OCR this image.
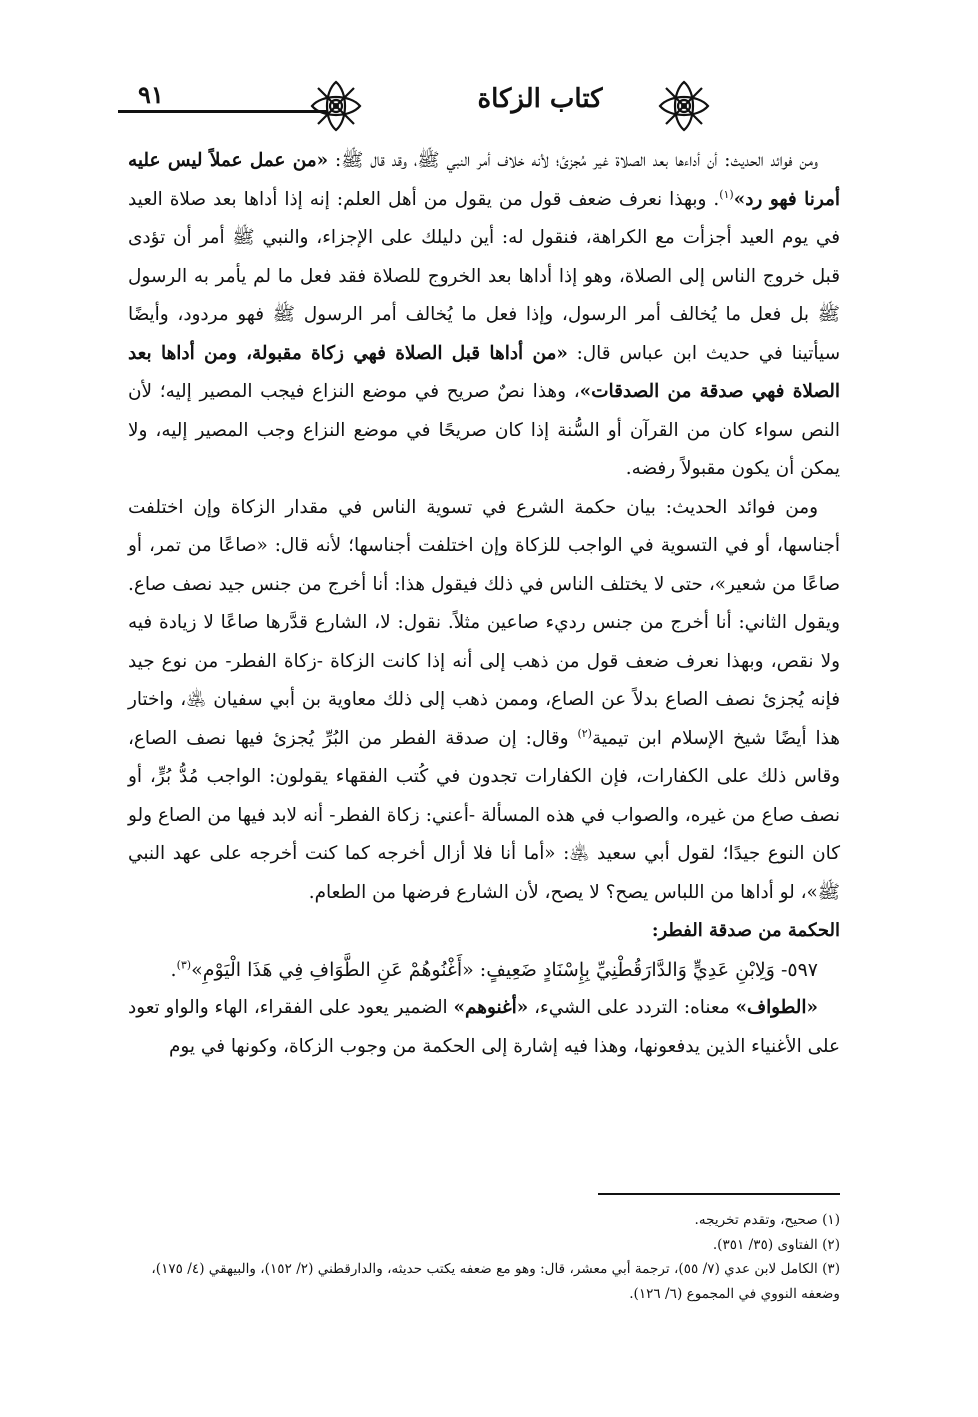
٩١	كتاب الزكاة

ومن فوائد الحديث: أن أداءها بعد الصلاة غير مُجزئ؛ لأنه خلاف أمر النبي ﷺ، وقد قال ﷺ: «من عمل عملاً ليس عليه أمرنا فهو رد»$^{(١)}$. وبهذا نعرف ضعف قول من يقول من أهل العلم: إنه إذا أداها بعد صلاة العيد في يوم العيد أجزأت مع الكراهة، فنقول له: أين دليلك على الإجزاء، والنبي ﷺ أمر أن تؤدى قبل خروج الناس إلى الصلاة، وهو إذا أداها بعد الخروج للصلاة فقد فعل ما لم يأمر به الرسول ﷺ بل فعل ما يُخالف أمر الرسول، وإذا فعل ما يُخالف أمر الرسول ﷺ فهو مردود، وأيضًا سيأتينا في حديث ابن عباس قال: «من أداها قبل الصلاة فهي زكاة مقبولة، ومن أداها بعد الصلاة فهي صدقة من الصدقات»، وهذا نصٌ صريح في موضع النزاع فيجب المصير إليه؛ لأن النص سواء كان من القرآن أو السُّنة إذا كان صريحًا في موضع النزاع وجب المصير إليه، ولا يمكن أن يكون مقبولاً رفضه.

ومن فوائد الحديث: بيان حكمة الشرع في تسوية الناس في مقدار الزكاة وإن اختلفت أجناسها، أو في التسوية في الواجب للزكاة وإن اختلفت أجناسها؛ لأنه قال: «صاعًا من تمر، أو صاعًا من شعير»، حتى لا يختلف الناس في ذلك فيقول هذا: أنا أخرج من جنس جيد نصف صاع. ويقول الثاني: أنا أخرج من جنس رديء صاعين مثلاً. نقول: لا، الشارع قدَّرها صاعًا لا زيادة فيه ولا نقص، وبهذا نعرف ضعف قول من ذهب إلى أنه إذا كانت الزكاة -زكاة الفطر- من نوع جيد فإنه يُجزئ نصف الصاع بدلاً عن الصاع، وممن ذهب إلى ذلك معاوية بن أبي سفيان ﵁، واختار هذا أيضًا شيخ الإسلام ابن تيمية$^{(٢)}$ وقال: إن صدقة الفطر من البُرِّ يُجزئ فيها نصف الصاع، وقاس ذلك على الكفارات، فإن الكفارات تجدون في كُتب الفقهاء يقولون: الواجب مُدُّ بُرٍّ، أو نصف صاع من غيره، والصواب في هذه المسألة -أعني: زكاة الفطر- أنه لابد فيها من الصاع ولو كان النوع جيدًا؛ لقول أبي سعيد ﵁: «أما أنا فلا أزال أخرجه كما كنت أخرجه على عهد النبي ﷺ»، لو أداها من اللباس يصح؟ لا يصح، لأن الشارع فرضها من الطعام.

الحكمة من صدقة الفطر:

٥٩٧- وَلِابْنِ عَدِيٍّ وَالدَّارَقُطْنِيِّ بِإِسْنَادٍ ضَعِيفٍ: «أَغْنُوهُمْ عَنِ الطَّوَافِ فِي هَذَا الْيَوْمِ»$^{(٣)}$.

«الطواف» معناه: التردد على الشيء، «أغنوهم» الضمير يعود على الفقراء، الهاء والواو تعود على الأغنياء الذين يدفعونها، وهذا فيه إشارة إلى الحكمة من وجوب الزكاة، وكونها في يوم

(١) صحيح، وتقدم تخريجه.

(٢) الفتاوى (٣٥/ ٣٥١).

(٣) الكامل لابن عدي (٧/ ٥٥)، ترجمة أبي معشر، قال: وهو مع ضعفه يكتب حديثه، والدارقطني (٢/ ١٥٢)، والبيهقي (٤/ ١٧٥)، وضعفه النووي في المجموع (٦/ ١٢٦).
